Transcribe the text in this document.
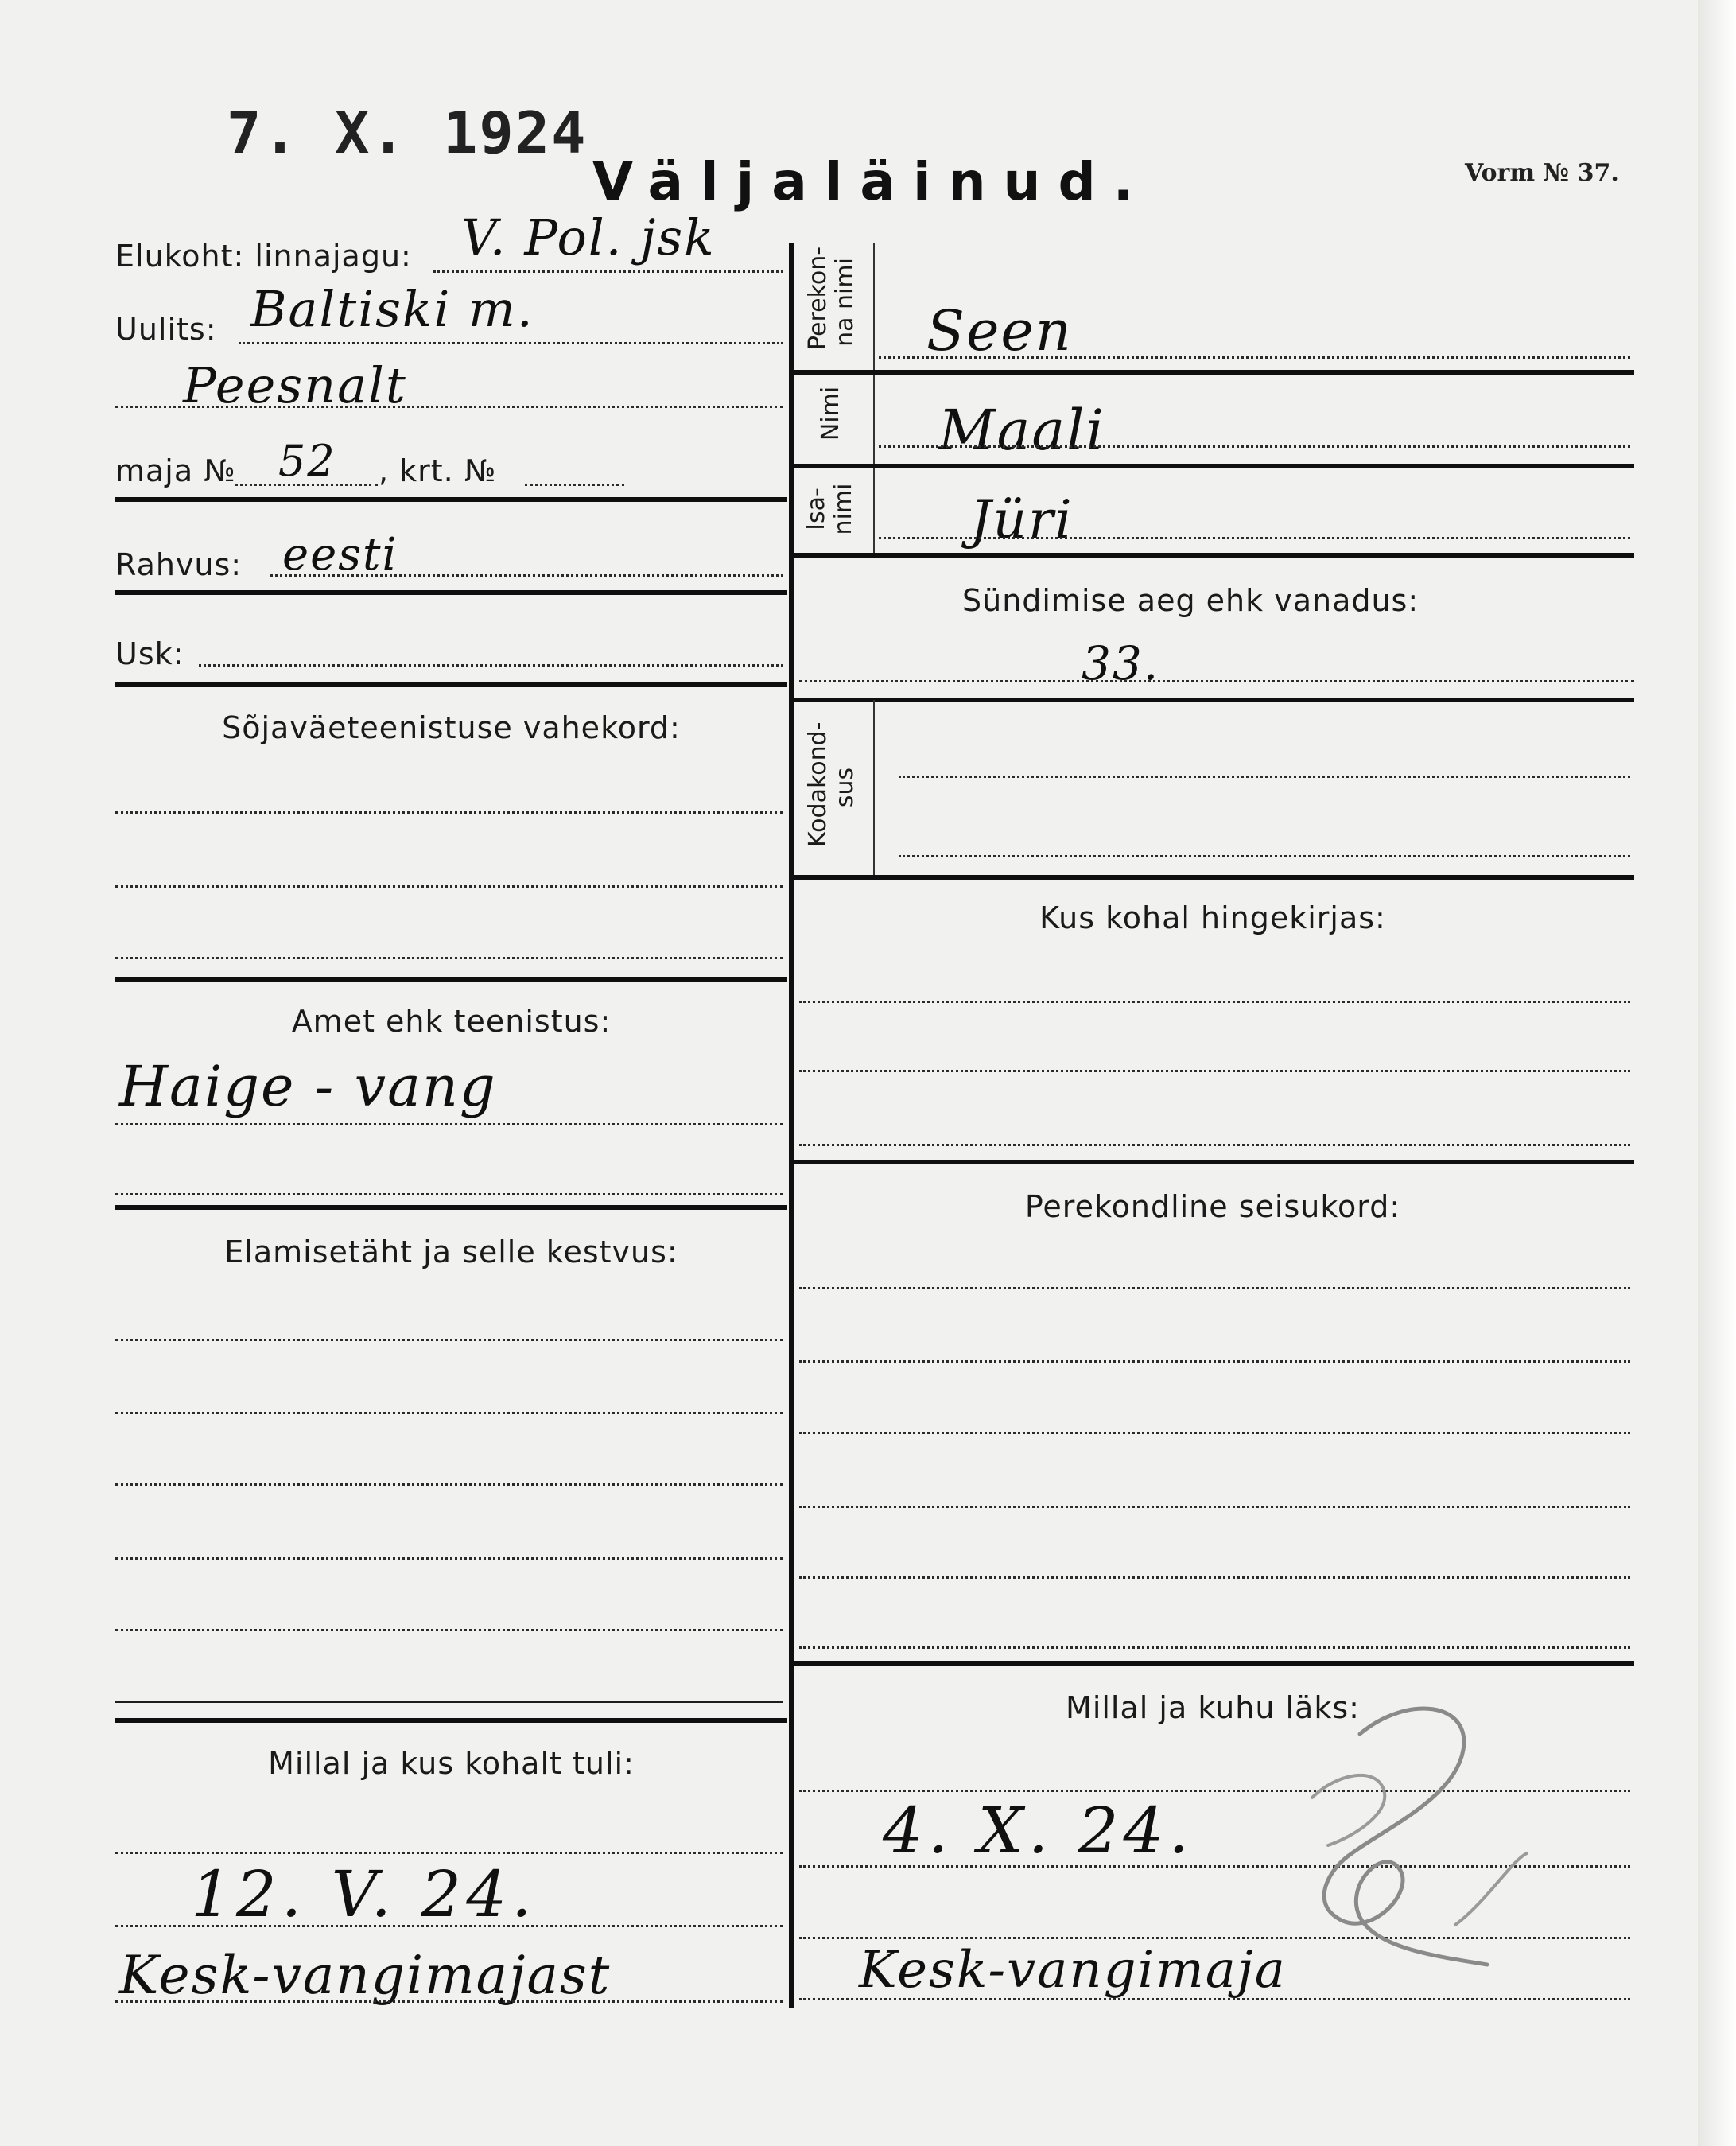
7. X. 1924
Väljaläinud.	Vorm № 37.
Elukoht: linnajagu: V. Pol. jsk
Uulits: Baltiski m.
Peesnalt
maja № 52 , krt. №
Rahvus: eesti
Usk:
Sõjaväeteenistuse vahekord:
Amet ehk teenistus:
Haige - vang
Elamisetäht ja selle kestvus:
Millal ja kus kohalt tuli:
12. V. 24.
Kesk-vangimajast
Perekon- na nimi Seen
Nimi Maali
Isa- nimi Jüri
Sündimise aeg ehk vanadus:
33.
Kodakond- sus
Kus kohal hingekirjas:
Perekondline seisukord:
Millal ja kuhu läks:
4. X. 24.
Kesk-vangimaja
